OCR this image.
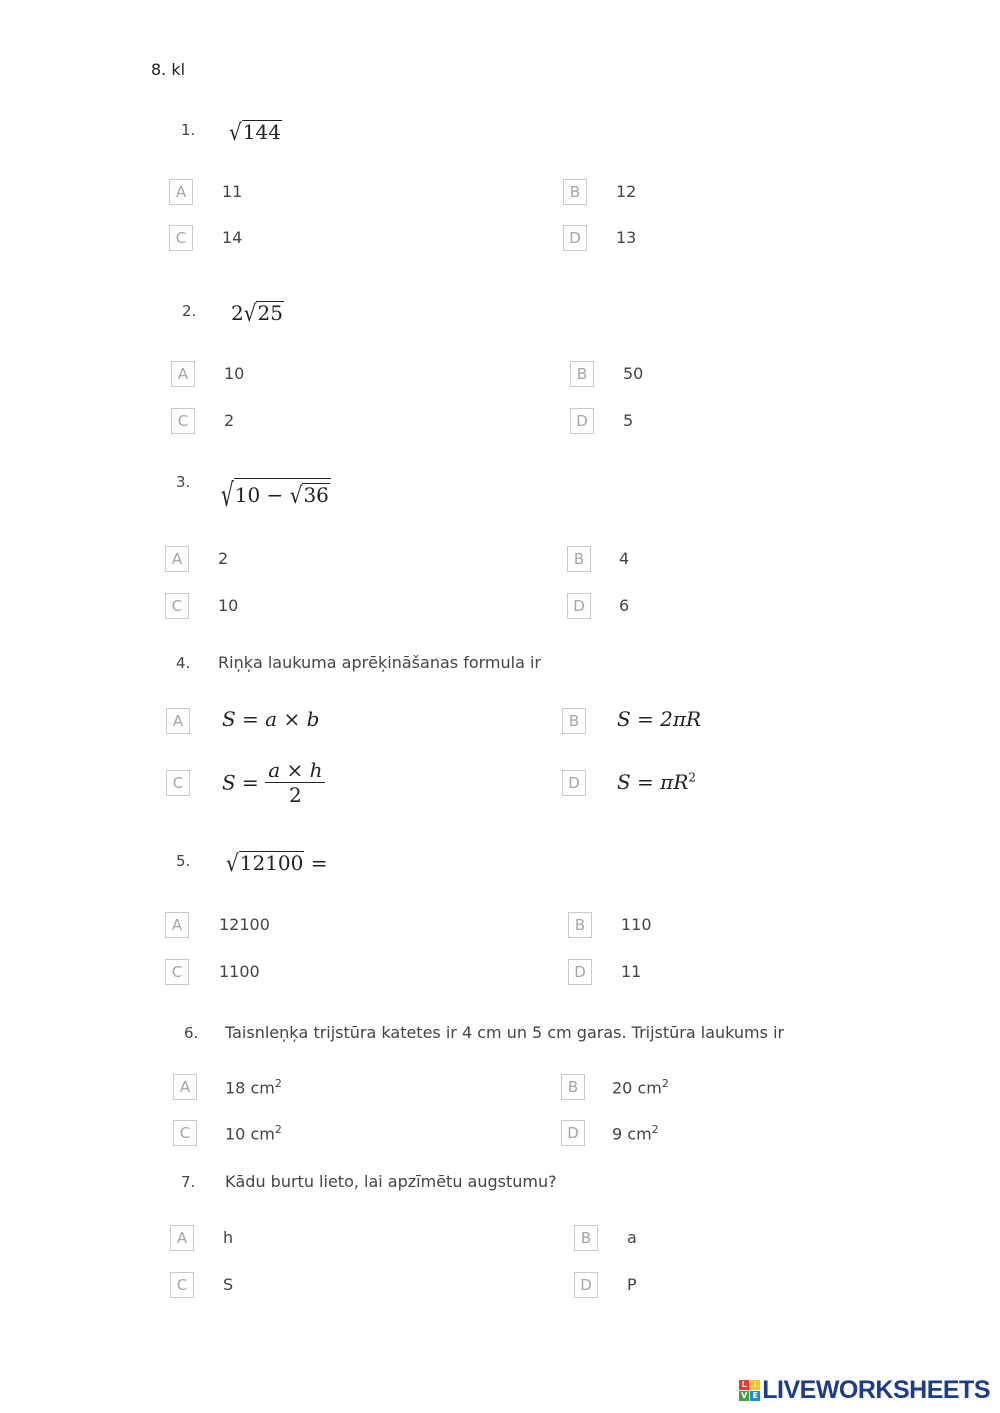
8. kl
1. √144
A	11	B	12
C	14	D	13
2. 2√25
A	10	B	50
C	2	D	5
3. √10 − √36
A	2	B	4
C	10	D	6
4. Riņķa laukuma aprēķināšanas formula ir
A	S = a × b	B	S = 2πR
C	$S = \frac{a \times h}{2}$	D	$S = \pi R^2$
5. √12100 =
A	12100	B	110
C	1100	D	11
6. Taisnleņķa trijstūra katetes ir 4 cm un 5 cm garas. Trijstūra laukums ir
A	18 $cm^2$	B	20 $cm^2$
C	10 $cm^2$	D	9 $cm^2$
7. Kādu burtu lieto, lai apzīmētu augstumu?
A	h	B	a
C	S	D	P
L I
V E LIVEWORKSHEETS
